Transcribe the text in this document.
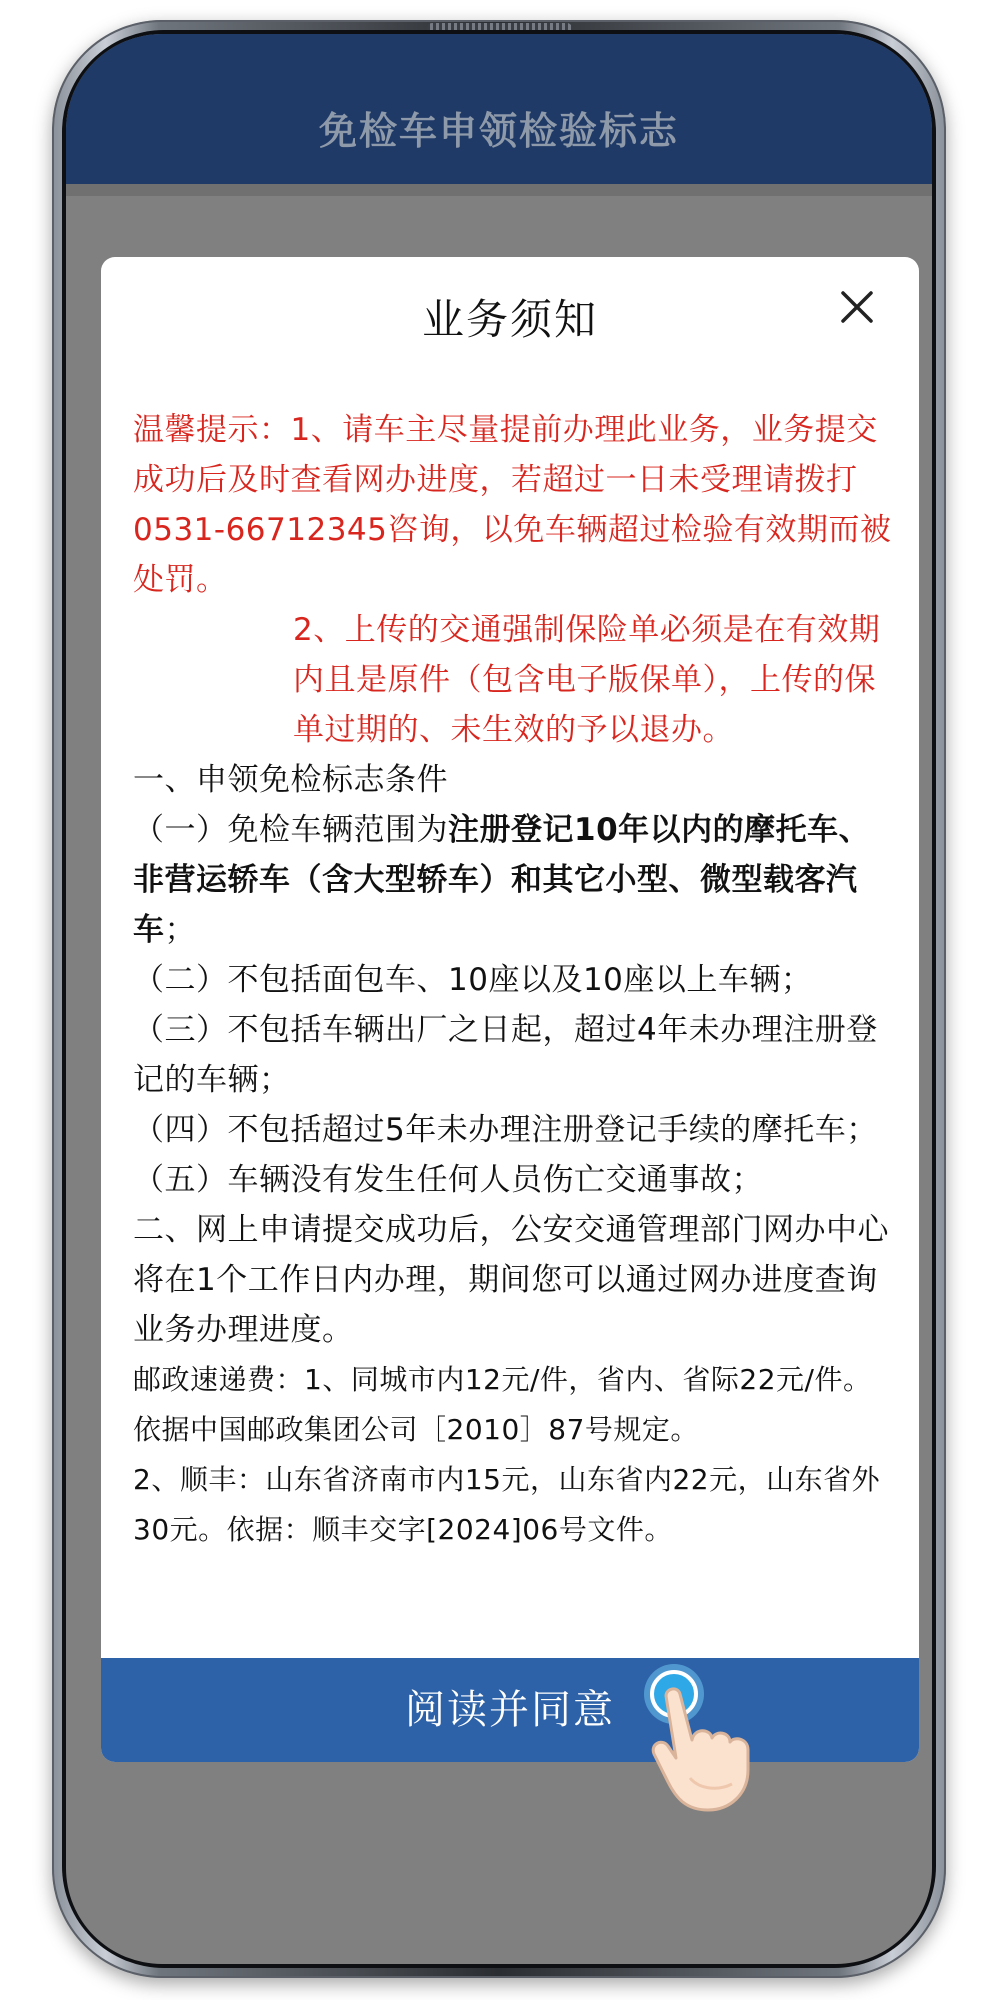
免检车申领检验标志
业务须知

温馨提示：1、请车主尽量提前办理此业务，业务提交成功后及时查看网办进度，若超过一日未受理请拨打0531-66712345咨询，以免车辆超过检验有效期而被处罚。

2、上传的交通强制保险单必须是在有效期内且是原件（包含电子版保单），上传的保单过期的、未生效的予以退办。

一、申领免检标志条件

（一）免检车辆范围为注册登记10年以内的摩托车、非营运轿车（含大型轿车）和其它小型、微型载客汽车；

（二）不包括面包车、10座以及10座以上车辆；

（三）不包括车辆出厂之日起，超过4年未办理注册登记的车辆；

（四）不包括超过5年未办理注册登记手续的摩托车；

（五）车辆没有发生任何人员伤亡交通事故；

二、网上申请提交成功后，公安交通管理部门网办中心将在1个工作日内办理，期间您可以通过网办进度查询业务办理进度。

邮政速递费：1、同城市内12元/件，省内、省际22元/件。依据中国邮政集团公司［2010］87号规定。

2、顺丰：山东省济南市内15元，山东省内22元，山东省外30元。依据：顺丰交字[2024]06号文件。

阅读并同意
